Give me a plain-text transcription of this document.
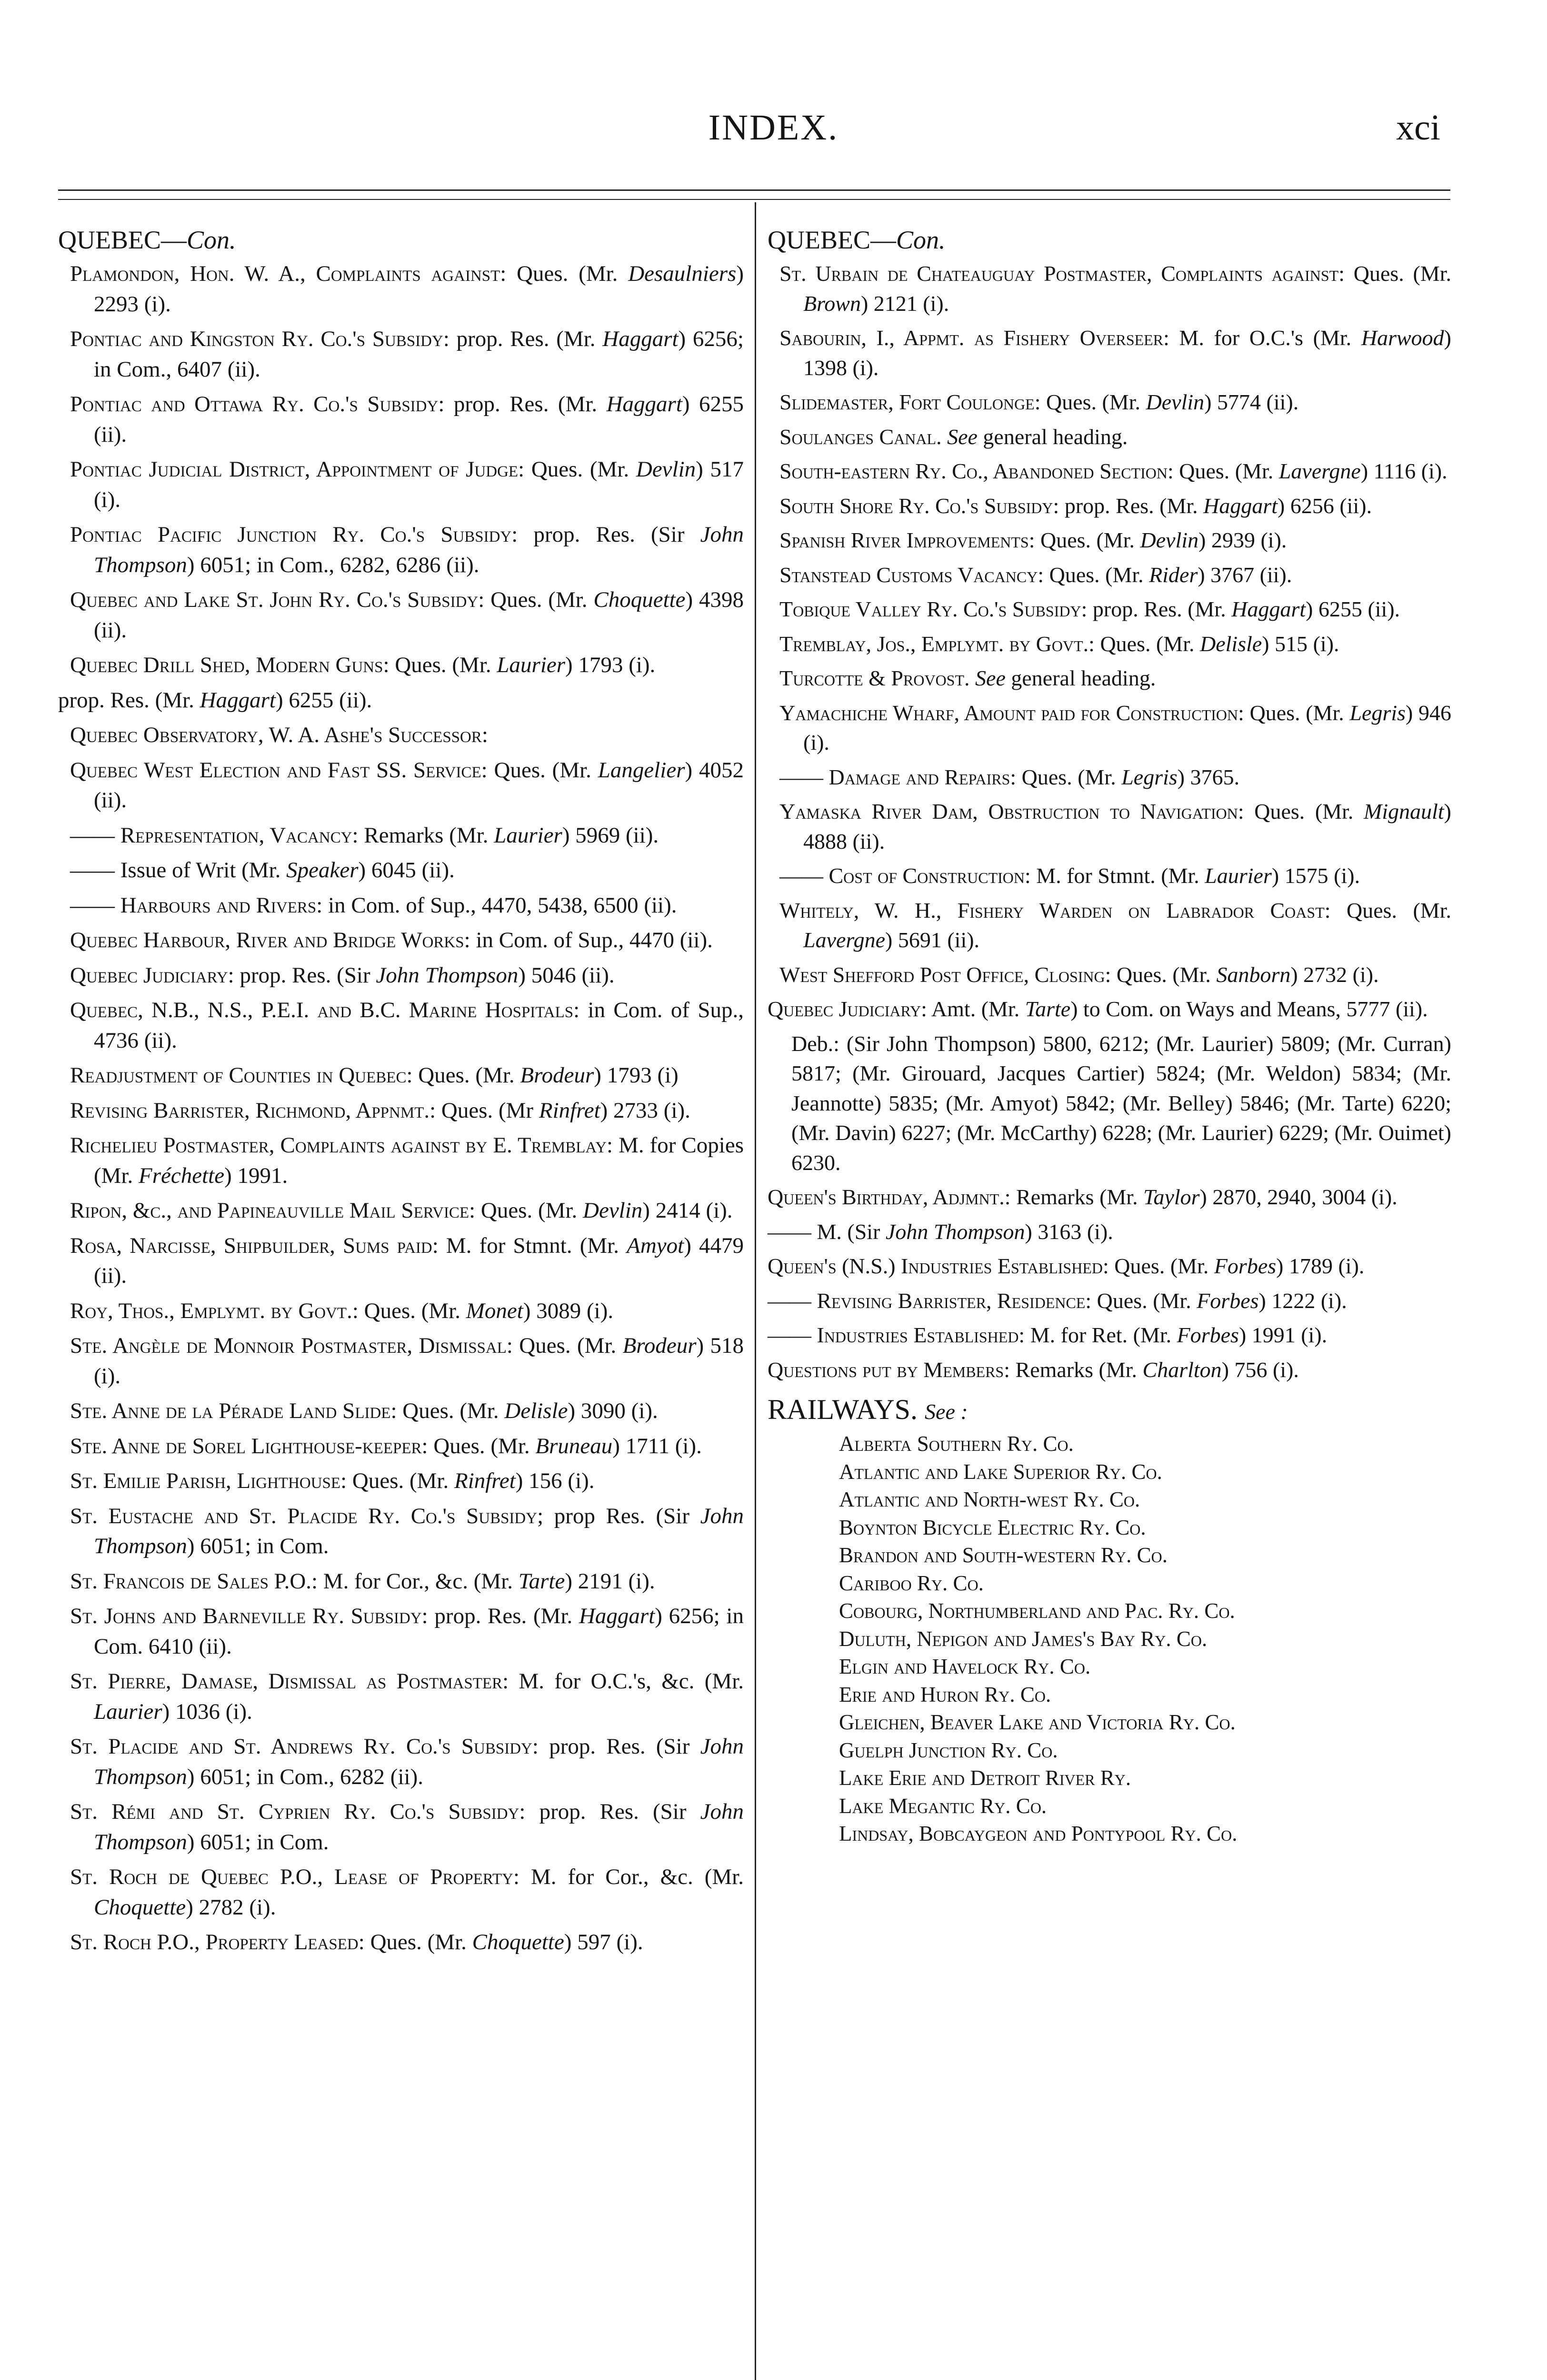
INDEX.	xci
QUEBEC—Con.

Plamondon, Hon. W. A., Complaints against: Ques. (Mr. Desaulniers) 2293 (i).

Pontiac and Kingston Ry. Co.'s Subsidy: prop. Res. (Mr. Haggart) 6256; in Com., 6407 (ii).

Pontiac and Ottawa Ry. Co.'s Subsidy: prop. Res. (Mr. Haggart) 6255 (ii).

Pontiac Judicial District, Appointment of Judge: Ques. (Mr. Devlin) 517 (i).

Pontiac Pacific Junction Ry. Co.'s Subsidy: prop. Res. (Sir John Thompson) 6051; in Com., 6282, 6286 (ii).

Quebec and Lake St. John Ry. Co.'s Subsidy: Ques. (Mr. Choquette) 4398 (ii).

Quebec Drill Shed, Modern Guns: Ques. (Mr. Laurier) 1793 (i).

prop. Res. (Mr. Haggart) 6255 (ii).

Quebec Observatory, W. A. Ashe's Successor:

Quebec West Election and Fast SS. Service: Ques. (Mr. Langelier) 4052 (ii).

—— Representation, Vacancy: Remarks (Mr. Laurier) 5969 (ii).

—— Issue of Writ (Mr. Speaker) 6045 (ii).

—— Harbours and Rivers: in Com. of Sup., 4470, 5438, 6500 (ii).

Quebec Harbour, River and Bridge Works: in Com. of Sup., 4470 (ii).

Quebec Judiciary: prop. Res. (Sir John Thompson) 5046 (ii).

Quebec, N.B., N.S., P.E.I. and B.C. Marine Hospitals: in Com. of Sup., 4736 (ii).

Readjustment of Counties in Quebec: Ques. (Mr. Brodeur) 1793 (i)

Revising Barrister, Richmond, Appnmt.: Ques. (Mr Rinfret) 2733 (i).

Richelieu Postmaster, Complaints against by E. Tremblay: M. for Copies (Mr. Fréchette) 1991.

Ripon, &c., and Papineauville Mail Service: Ques. (Mr. Devlin) 2414 (i).

Rosa, Narcisse, Shipbuilder, Sums paid: M. for Stmnt. (Mr. Amyot) 4479 (ii).

Roy, Thos., Emplymt. by Govt.: Ques. (Mr. Monet) 3089 (i).

Ste. Angèle de Monnoir Postmaster, Dismissal: Ques. (Mr. Brodeur) 518 (i).

Ste. Anne de la Pérade Land Slide: Ques. (Mr. Delisle) 3090 (i).

Ste. Anne de Sorel Lighthouse-keeper: Ques. (Mr. Bruneau) 1711 (i).

St. Emilie Parish, Lighthouse: Ques. (Mr. Rinfret) 156 (i).

St. Eustache and St. Placide Ry. Co.'s Subsidy; prop Res. (Sir John Thompson) 6051; in Com.

St. Francois de Sales P.O.: M. for Cor., &c. (Mr. Tarte) 2191 (i).

St. Johns and Barneville Ry. Subsidy: prop. Res. (Mr. Haggart) 6256; in Com. 6410 (ii).

St. Pierre, Damase, Dismissal as Postmaster: M. for O.C.'s, &c. (Mr. Laurier) 1036 (i).

St. Placide and St. Andrews Ry. Co.'s Subsidy: prop. Res. (Sir John Thompson) 6051; in Com., 6282 (ii).

St. Rémi and St. Cyprien Ry. Co.'s Subsidy: prop. Res. (Sir John Thompson) 6051; in Com.

St. Roch de Quebec P.O., Lease of Property: M. for Cor., &c. (Mr. Choquette) 2782 (i).

St. Roch P.O., Property Leased: Ques. (Mr. Choquette) 597 (i).

QUEBEC—Con.

St. Urbain de Chateauguay Postmaster, Complaints against: Ques. (Mr. Brown) 2121 (i).

Sabourin, I., Appmt. as Fishery Overseer: M. for O.C.'s (Mr. Harwood) 1398 (i).

Slidemaster, Fort Coulonge: Ques. (Mr. Devlin) 5774 (ii).

Soulanges Canal. See general heading.

South-eastern Ry. Co., Abandoned Section: Ques. (Mr. Lavergne) 1116 (i).

South Shore Ry. Co.'s Subsidy: prop. Res. (Mr. Haggart) 6256 (ii).

Spanish River Improvements: Ques. (Mr. Devlin) 2939 (i).

Stanstead Customs Vacancy: Ques. (Mr. Rider) 3767 (ii).

Tobique Valley Ry. Co.'s Subsidy: prop. Res. (Mr. Haggart) 6255 (ii).

Tremblay, Jos., Emplymt. by Govt.: Ques. (Mr. Delisle) 515 (i).

Turcotte & Provost. See general heading.

Yamachiche Wharf, Amount paid for Construction: Ques. (Mr. Legris) 946 (i).

—— Damage and Repairs: Ques. (Mr. Legris) 3765.

Yamaska River Dam, Obstruction to Navigation: Ques. (Mr. Mignault) 4888 (ii).

—— Cost of Construction: M. for Stmnt. (Mr. Laurier) 1575 (i).

Whitely, W. H., Fishery Warden on Labrador Coast: Ques. (Mr. Lavergne) 5691 (ii).

West Shefford Post Office, Closing: Ques. (Mr. Sanborn) 2732 (i).

Quebec Judiciary: Amt. (Mr. Tarte) to Com. on Ways and Means, 5777 (ii).

Deb.: (Sir John Thompson) 5800, 6212; (Mr. Laurier) 5809; (Mr. Curran) 5817; (Mr. Girouard, Jacques Cartier) 5824; (Mr. Weldon) 5834; (Mr. Jeannotte) 5835; (Mr. Amyot) 5842; (Mr. Belley) 5846; (Mr. Tarte) 6220; (Mr. Davin) 6227; (Mr. McCarthy) 6228; (Mr. Laurier) 6229; (Mr. Ouimet) 6230.

Queen's Birthday, Adjmnt.: Remarks (Mr. Taylor) 2870, 2940, 3004 (i).

—— M. (Sir John Thompson) 3163 (i).

Queen's (N.S.) Industries Established: Ques. (Mr. Forbes) 1789 (i).

—— Revising Barrister, Residence: Ques. (Mr. Forbes) 1222 (i).

—— Industries Established: M. for Ret. (Mr. Forbes) 1991 (i).

Questions put by Members: Remarks (Mr. Charlton) 756 (i).

RAILWAYS. See :
Alberta Southern Ry. Co.
Atlantic and Lake Superior Ry. Co.
Atlantic and North-west Ry. Co.
Boynton Bicycle Electric Ry. Co.
Brandon and South-western Ry. Co.
Cariboo Ry. Co.
Cobourg, Northumberland and Pac. Ry. Co.
Duluth, Nepigon and James's Bay Ry. Co.
Elgin and Havelock Ry. Co.
Erie and Huron Ry. Co.
Gleichen, Beaver Lake and Victoria Ry. Co.
Guelph Junction Ry. Co.
Lake Erie and Detroit River Ry.
Lake Megantic Ry. Co.
Lindsay, Bobcaygeon and Pontypool Ry. Co.
